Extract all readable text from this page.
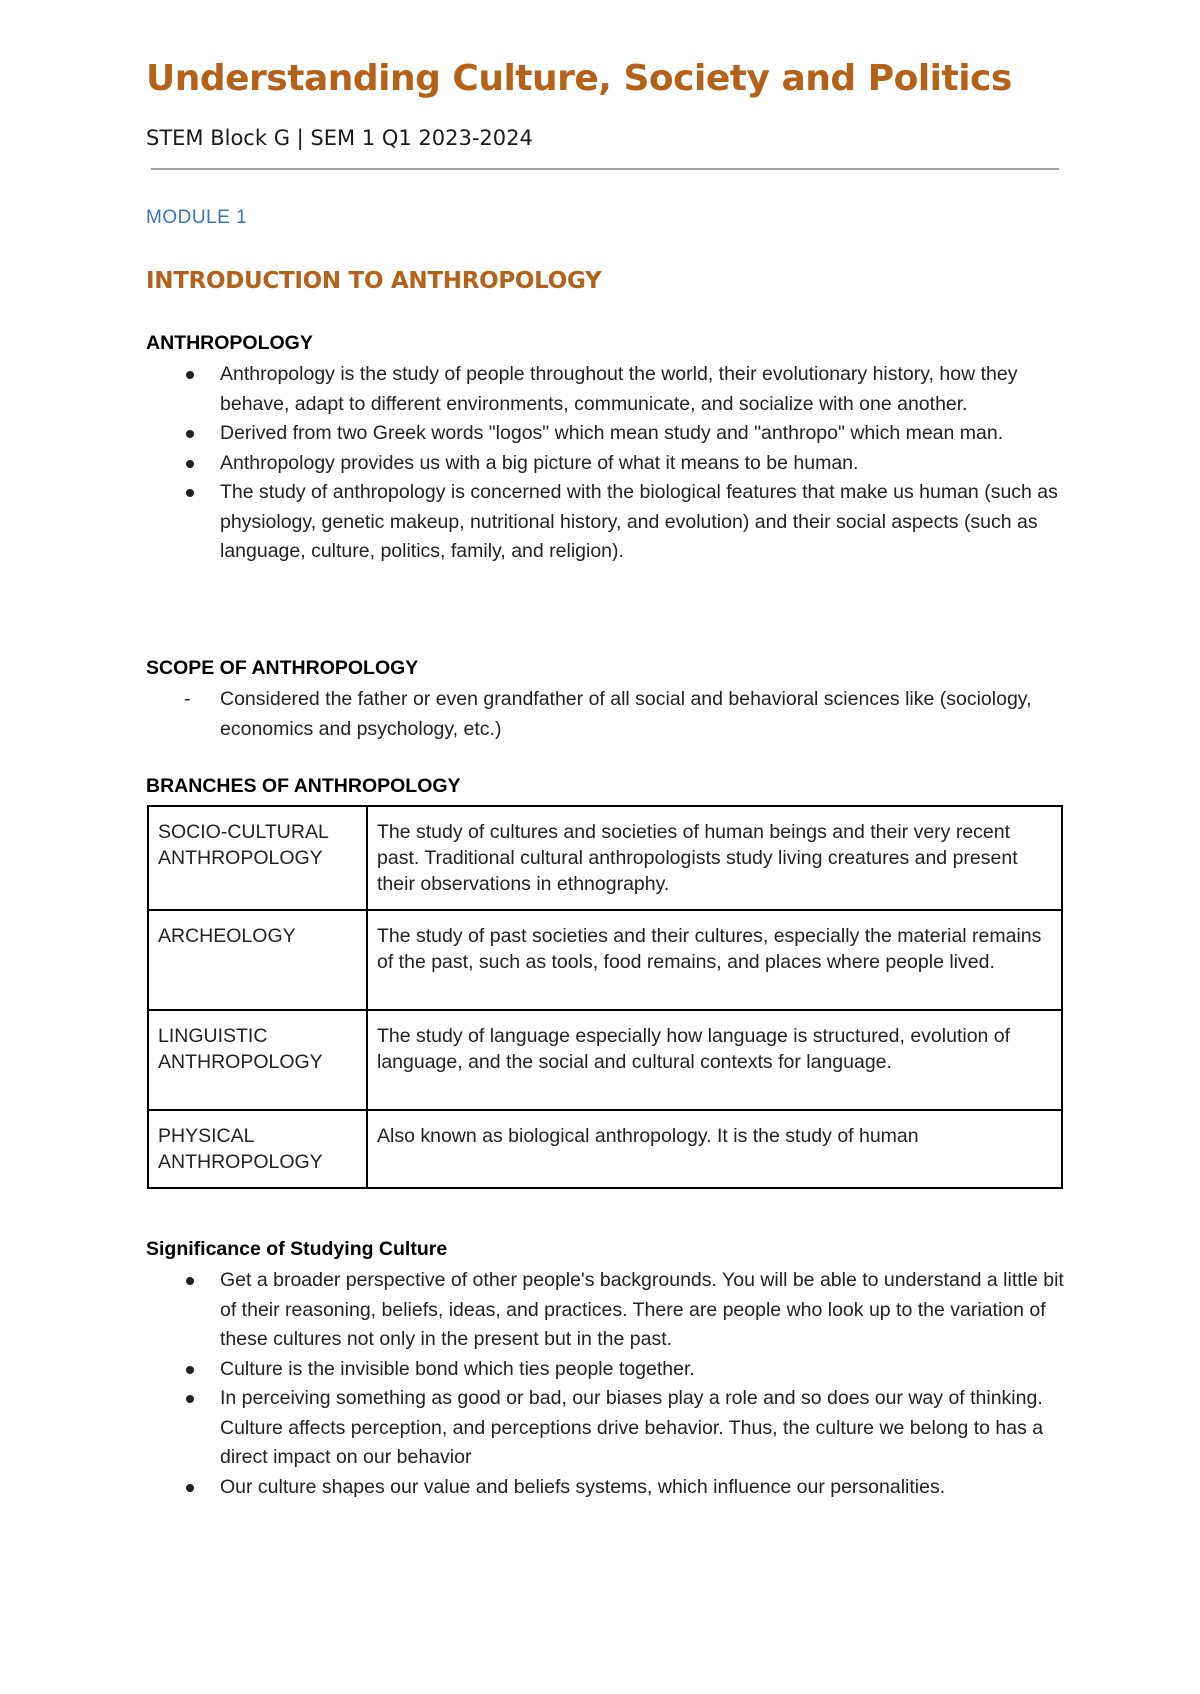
Understanding Culture, Society and Politics

STEM Block G | SEM 1 Q1 2023-2024

MODULE 1

INTRODUCTION TO ANTHROPOLOGY
ANTHROPOLOGY
Anthropology is the study of people throughout the world, their evolutionary history, how they behave, adapt to different environments, communicate, and socialize with one another.
Derived from two Greek words "logos" which mean study and "anthropo" which mean man.
Anthropology provides us with a big picture of what it means to be human.
The study of anthropology is concerned with the biological features that make us human (such as physiology, genetic makeup, nutritional history, and evolution) and their social aspects (such as language, culture, politics, family, and religion).
SCOPE OF ANTHROPOLOGY
- Considered the father or even grandfather of all social and behavioral sciences like (sociology, economics and psychology, etc.)
BRANCHES OF ANTHROPOLOGY
SOCIO-CULTURAL ANTHROPOLOGY	The study of cultures and societies of human beings and their very recent past. Traditional cultural anthropologists study living creatures and present their observations in ethnography.
ARCHEOLOGY	The study of past societies and their cultures, especially the material remains of the past, such as tools, food remains, and places where people lived.
LINGUISTIC ANTHROPOLOGY	The study of language especially how language is structured, evolution of language, and the social and cultural contexts for language.
PHYSICAL ANTHROPOLOGY	Also known as biological anthropology. It is the study of human
Significance of Studying Culture
Get a broader perspective of other people's backgrounds. You will be able to understand a little bit of their reasoning, beliefs, ideas, and practices. There are people who look up to the variation of these cultures not only in the present but in the past.
Culture is the invisible bond which ties people together.
In perceiving something as good or bad, our biases play a role and so does our way of thinking. Culture affects perception, and perceptions drive behavior. Thus, the culture we belong to has a direct impact on our behavior
Our culture shapes our value and beliefs systems, which influence our personalities.
